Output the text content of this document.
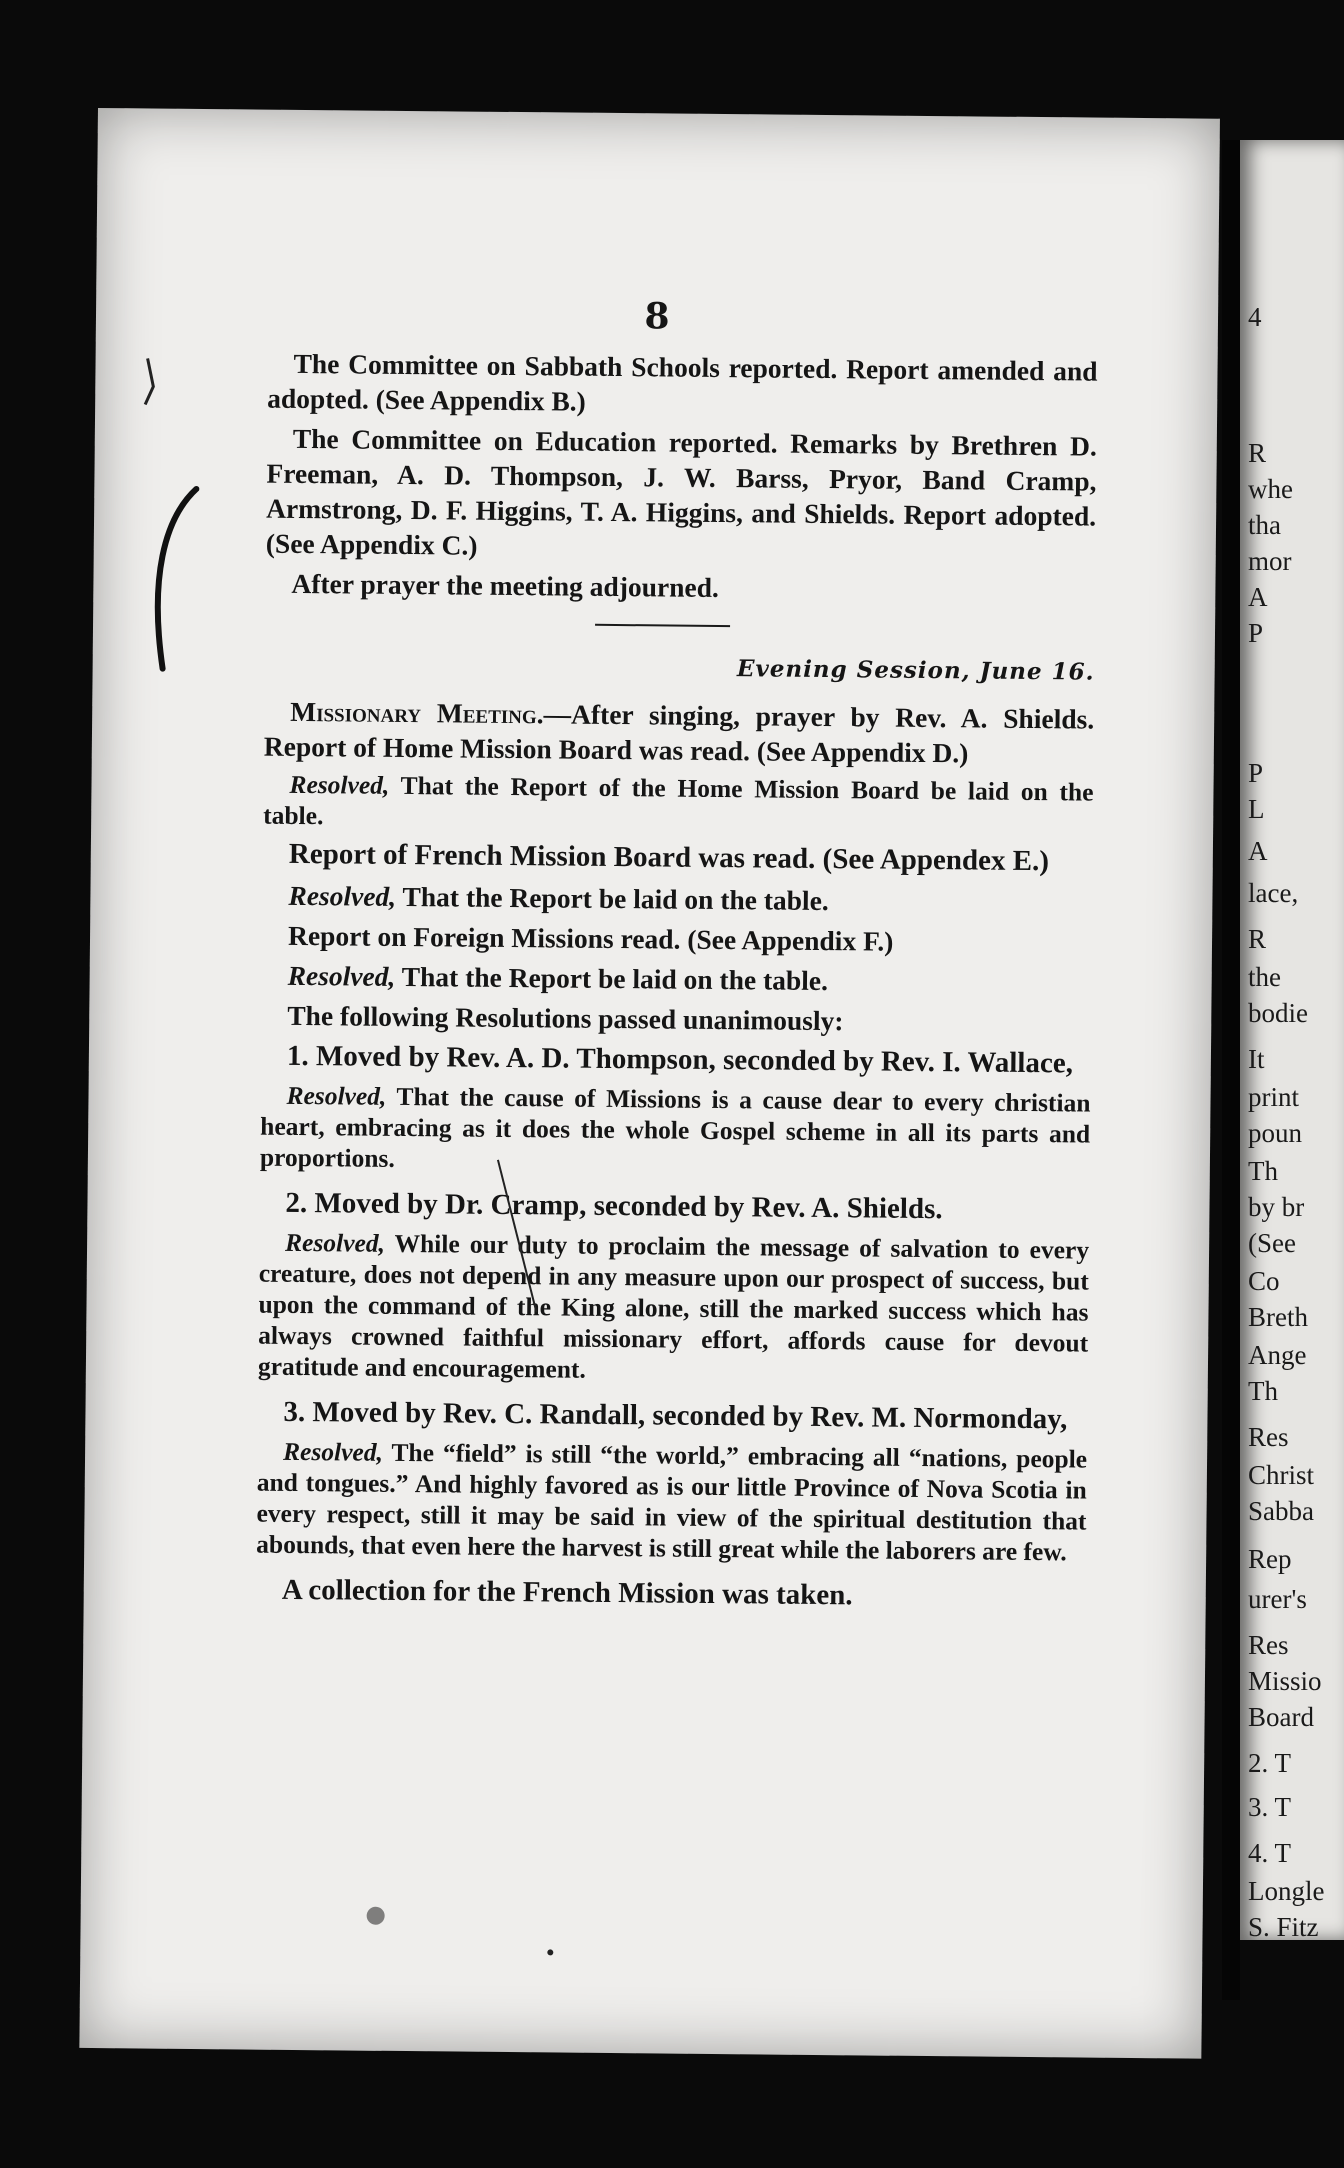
4
R
whe
tha
mor
A
P
P
L
A
lace,
R
the
bodie
It
print
poun
Th
by br
(See
Co
Breth
Ange
Th
Res
Christ
Sabba
Rep
urer's
Res
Missio
Board
2. T
3. T
4. T
Longle
S. Fitz
8

The Committee on Sabbath Schools reported. Report amended and adopted. (See Appendix B.)

The Committee on Education reported. Remarks by Brethren D. Freeman, A. D. Thompson, J. W. Barss, Pryor, Band Cramp, Armstrong, D. F. Higgins, T. A. Higgins, and Shields. Report adopted. (See Appendix C.)

After prayer the meeting adjourned.

Evening Session, June 16.

Missionary Meeting.—After singing, prayer by Rev. A. Shields. Report of Home Mission Board was read. (See Appendix D.)

Resolved, That the Report of the Home Mission Board be laid on the table.

Report of French Mission Board was read. (See Appendex E.)

Resolved, That the Report be laid on the table.

Report on Foreign Missions read. (See Appendix F.)

Resolved, That the Report be laid on the table.

The following Resolutions passed unanimously:

1. Moved by Rev. A. D. Thompson, seconded by Rev. I. Wallace,

Resolved, That the cause of Missions is a cause dear to every christian heart, embracing as it does the whole Gospel scheme in all its parts and proportions.

2. Moved by Dr. Cramp, seconded by Rev. A. Shields.

Resolved, While our duty to proclaim the message of salvation to every creature, does not depend in any measure upon our prospect of success, but upon the command of the King alone, still the marked success which has always crowned faithful missionary effort, affords cause for devout gratitude and encouragement.

3. Moved by Rev. C. Randall, seconded by Rev. M. Normonday,

Resolved, The “field” is still “the world,” embracing all “nations, people and tongues.” And highly favored as is our little Province of Nova Scotia in every respect, still it may be said in view of the spiritual destitution that abounds, that even here the harvest is still great while the laborers are few.

A collection for the French Mission was taken.
